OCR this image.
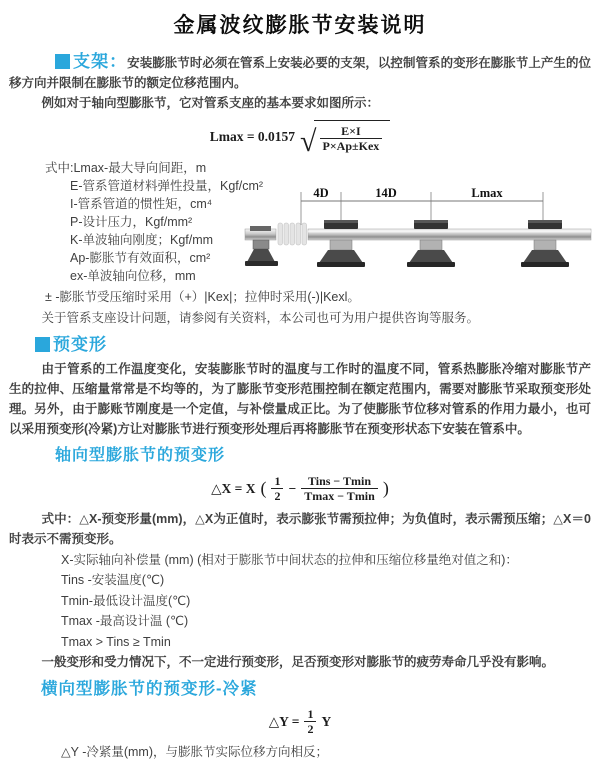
金属波纹膨胀节安装说明

支架：安装膨胀节时必须在管系上安装必要的支架，以控制管系的变形在膨胀节上产生的位移方向并限制在膨胀节的额定位移范围内。

例如对于轴向型膨胀节，它对管系支座的基本要求如图所示：

Lmax = 0.0157 √ $\frac{E\times I}{\text{P×Ap±Kex}}$
式中:Lmax-最大导向间距，m
E-管系管道材料弹性投量，Kgf/cm²
I-管系管道的惯性矩，cm⁴
P-设计压力，Kgf/mm²
K-单波轴向刚度；Kgf/mm
Ap-膨胀节有效面积，cm²
ex-单波轴向位移，mm
4D	14D	Lmax

± -膨胀节受压缩时采用（+）|Kex|；拉伸时采用(-)|Kexl。

关于管系支座设计问题，请参阅有关资料，本公司也可为用户提供咨询等服务。

预变形

由于管系的工作温度变化，安装膨胀节时的温度与工作时的温度不同，管系热膨胀冷缩对膨胀节产生的拉伸、压缩量常常是不均等的，为了膨胀节变形范围控制在额定范围内，需要对膨胀节采取预变形处理。另外，由于膨账节刚度是一个定值，与补偿量成正比。为了使膨胀节位移对管系的作用力最小，也可以采用预变形(冷紧)方让对膨胀节进行预变形处理后再将膨胀节在预变形状态下安装在管系中。

轴向型膨胀节的预变形
△X = X ( $\frac{1}{2} - \frac{\text{Tins − Tmin}}{Tmax - Tmin}$ )

式中：△X-预变形量(mm)，△X为正值时，表示膨张节需预拉伸；为负值时，表示需预压缩；△X＝0时表示不需预变形。

X-实际轴向补偿量 (mm) (相对于膨胀节中间状态的拉伸和压缩位移量绝对值之和)：
Tins -安装温度(℃)
Tmin-最低设计温度(℃)
Tmax -最高设计温 (℃)
Tmax > Tins ≥ Tmin

一般变形和受力情况下，不一定进行预变形，足否预变形对膨胀节的疲劳寿命几乎没有影响。

横向型膨胀节的预变形-冷紧
△Y = $\frac{1}{2}$ Y
△Y -冷紧量(mm)，与膨胀节实际位移方向相反；
